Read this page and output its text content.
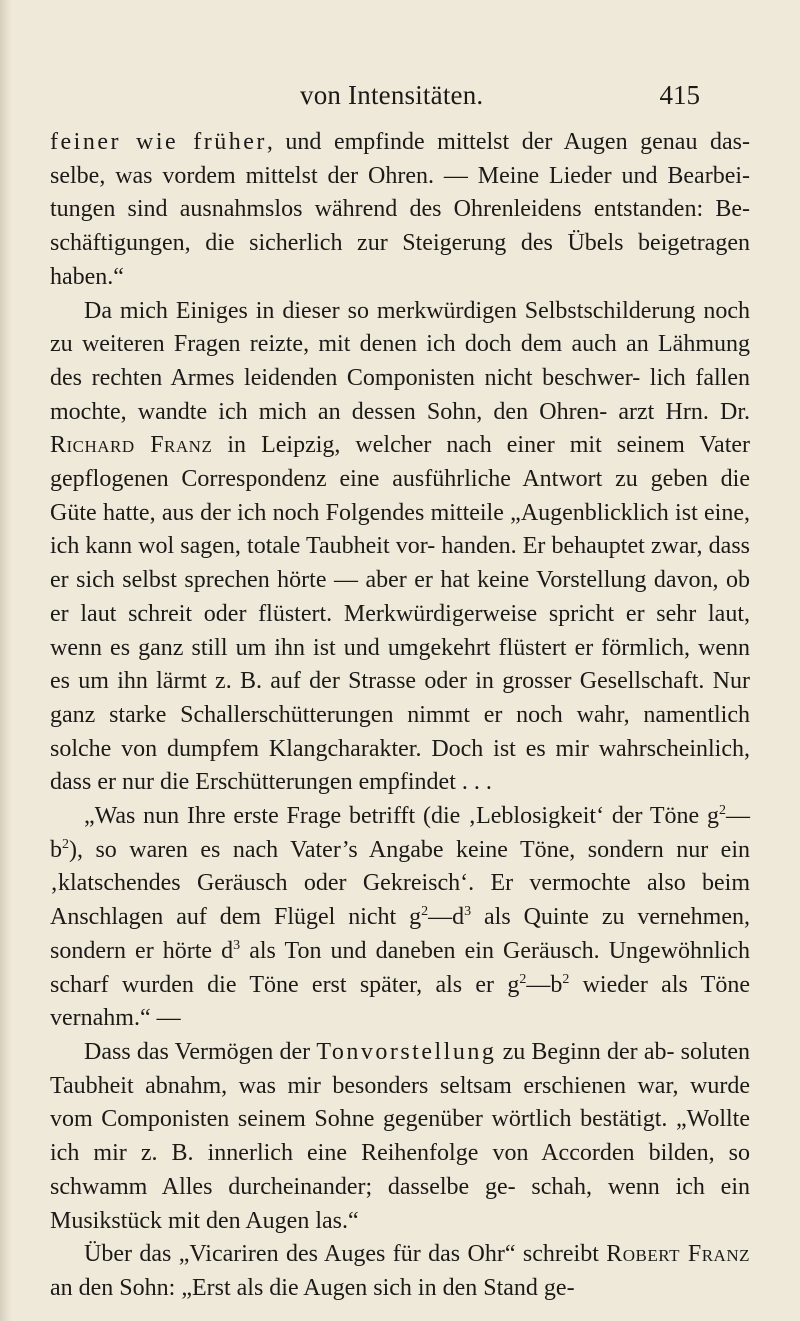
von Intensitäten.	415

feiner wie früher, und empfinde mittelst der Augen genau das- selbe, was vordem mittelst der Ohren. — Meine Lieder und Bearbei- tungen sind ausnahmslos während des Ohrenleidens entstanden: Be- schäftigungen, die sicherlich zur Steigerung des Übels beigetragen haben.“

Da mich Einiges in dieser so merkwürdigen Selbstschilderung noch zu weiteren Fragen reizte, mit denen ich doch dem auch an Lähmung des rechten Armes leidenden Componisten nicht beschwer- lich fallen mochte, wandte ich mich an dessen Sohn, den Ohren- arzt Hrn. Dr. Richard Franz in Leipzig, welcher nach einer mit seinem Vater gepflogenen Correspondenz eine ausführliche Antwort zu geben die Güte hatte, aus der ich noch Folgendes mitteile „Augenblicklich ist eine, ich kann wol sagen, totale Taubheit vor- handen. Er behauptet zwar, dass er sich selbst sprechen hörte — aber er hat keine Vorstellung davon, ob er laut schreit oder flüstert. Merkwürdigerweise spricht er sehr laut, wenn es ganz still um ihn ist und umgekehrt flüstert er förmlich, wenn es um ihn lärmt z. B. auf der Strasse oder in grosser Gesellschaft. Nur ganz starke Schallerschütterungen nimmt er noch wahr, namentlich solche von dumpfem Klangcharakter. Doch ist es mir wahrscheinlich, dass er nur die Erschütterungen empfindet . . .

„Was nun Ihre erste Frage betrifft (die ‚Leblosigkeit‘ der Töne $g^2—b^2$), so waren es nach Vater’s Angabe keine Töne, sondern nur ein ‚klatschendes Geräusch oder Gekreisch‘. Er vermochte also beim Anschlagen auf dem Flügel nicht $g^2—d^3$ als Quinte zu vernehmen, sondern er hörte $d^3$ als Ton und daneben ein Geräusch. Ungewöhnlich scharf wurden die Töne erst später, als er $g^2—b^2$ wieder als Töne vernahm.“ —

Dass das Vermögen der Tonvorstellung zu Beginn der ab- soluten Taubheit abnahm, was mir besonders seltsam erschienen war, wurde vom Componisten seinem Sohne gegenüber wörtlich bestätigt. „Wollte ich mir z. B. innerlich eine Reihenfolge von Accorden bilden, so schwamm Alles durcheinander; dasselbe ge- schah, wenn ich ein Musikstück mit den Augen las.“

Über das „Vicariren des Auges für das Ohr“ schreibt Robert Franz an den Sohn: „Erst als die Augen sich in den Stand ge-
